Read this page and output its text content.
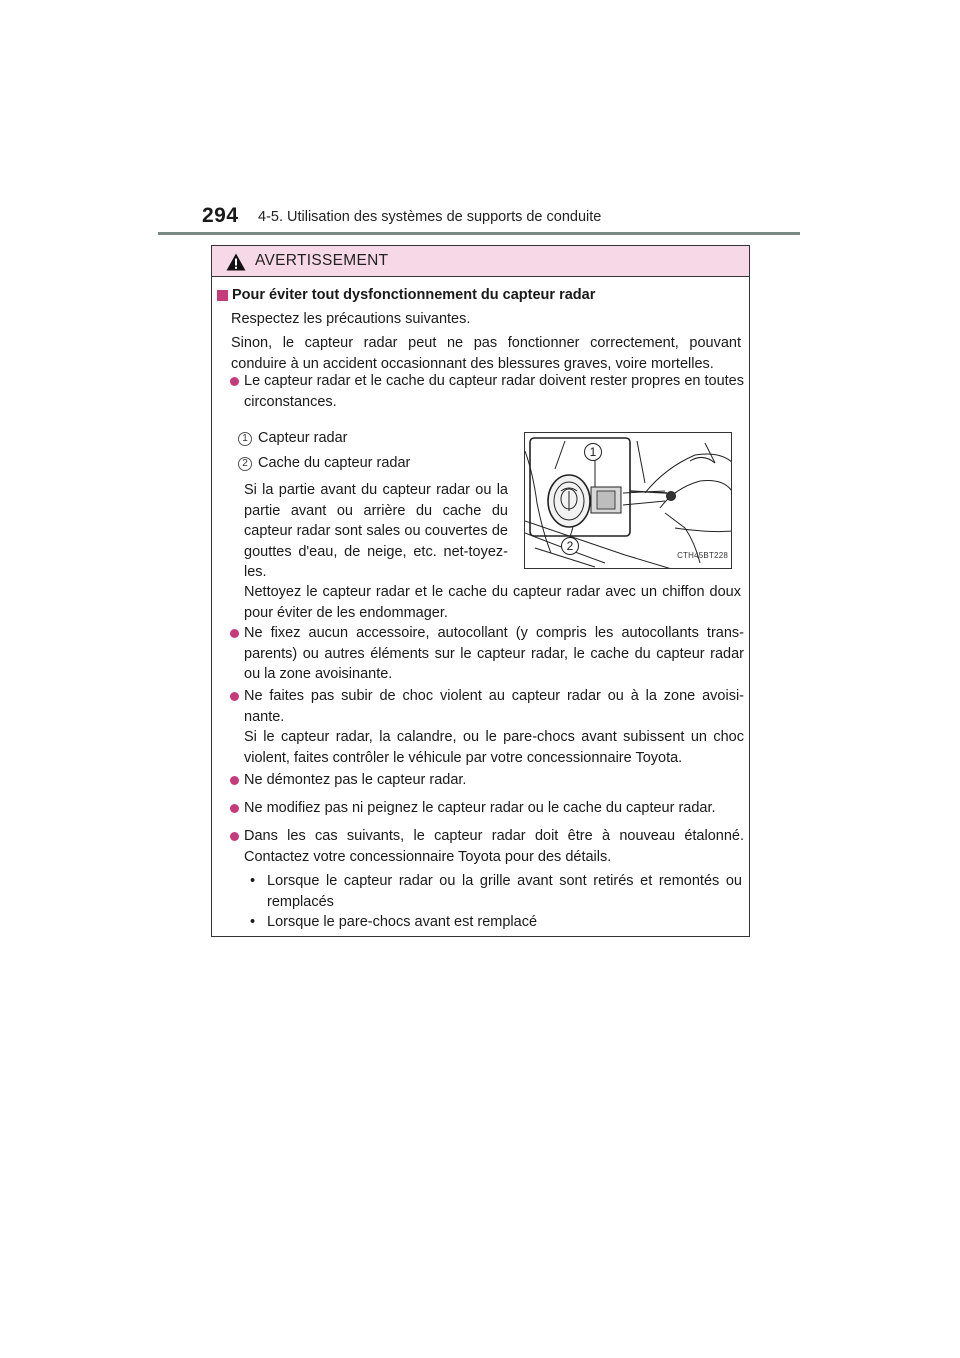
294 4-5. Utilisation des systèmes de supports de conduite
AVERTISSEMENT
Pour éviter tout dysfonctionnement du capteur radar
Respectez les précautions suivantes.
Sinon, le capteur radar peut ne pas fonctionner correctement, pouvant conduire à un accident occasionnant des blessures graves, voire mortelles.
Le capteur radar et le cache du capteur radar doivent rester propres en toutes circonstances.
1 Capteur radar
2 Cache du capteur radar
Si la partie avant du capteur radar ou la partie avant ou arrière du cache du capteur radar sont sales ou couvertes de gouttes d'eau, de neige, etc. net-toyez-les.
1
2
CTH45BT228
Nettoyez le capteur radar et le cache du capteur radar avec un chiffon doux pour éviter de les endommager.
Ne fixez aucun accessoire, autocollant (y compris les autocollants trans-parents) ou autres éléments sur le capteur radar, le cache du capteur radar ou la zone avoisinante.
Ne faites pas subir de choc violent au capteur radar ou à la zone avoisi-nante.
Si le capteur radar, la calandre, ou le pare-chocs avant subissent un choc violent, faites contrôler le véhicule par votre concessionnaire Toyota.
Ne démontez pas le capteur radar.
Ne modifiez pas ni peignez le capteur radar ou le cache du capteur radar.
Dans les cas suivants, le capteur radar doit être à nouveau étalonné. Contactez votre concessionnaire Toyota pour des détails.
• Lorsque le capteur radar ou la grille avant sont retirés et remontés ou remplacés
• Lorsque le pare-chocs avant est remplacé
